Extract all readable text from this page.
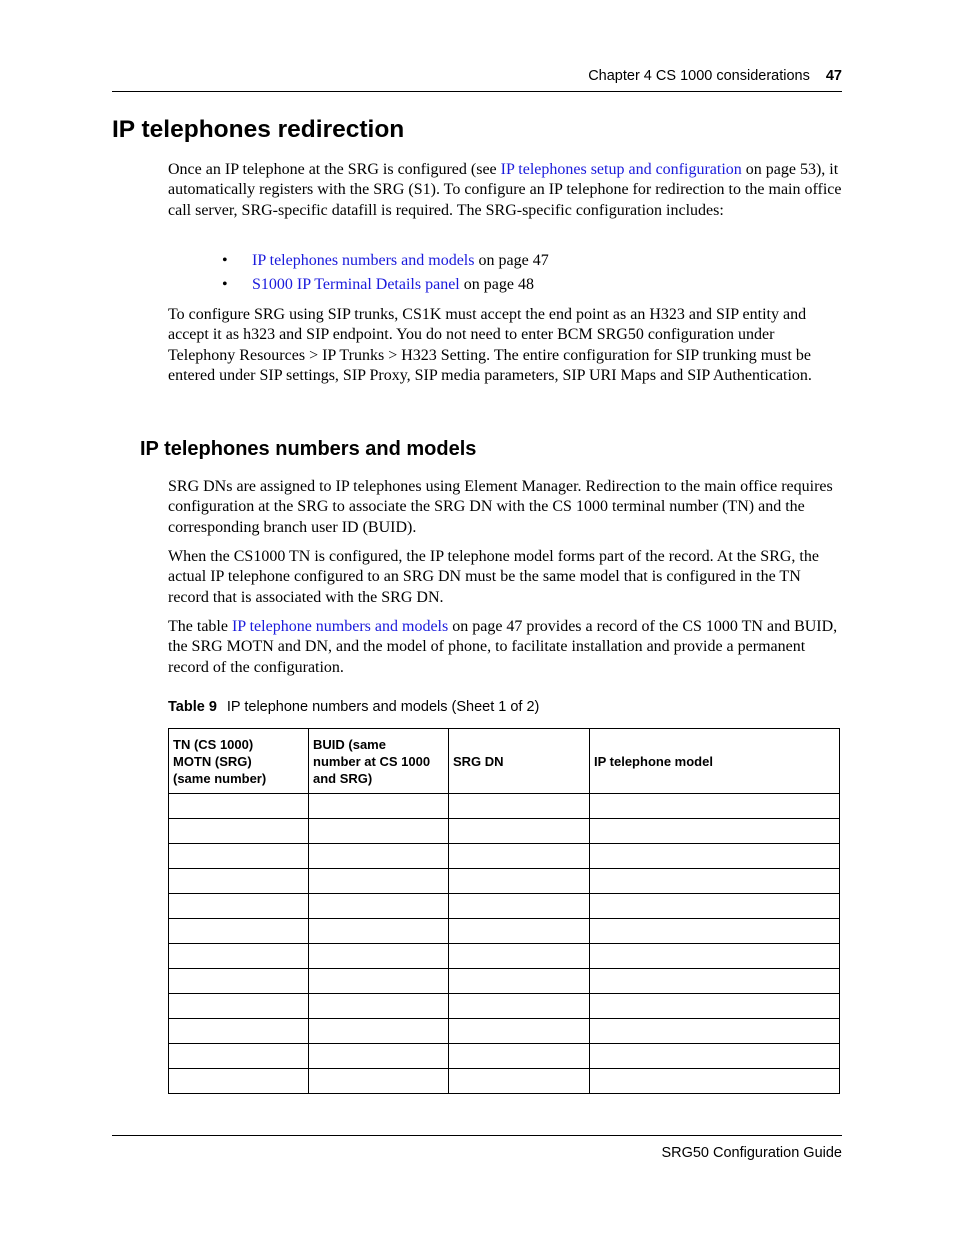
Chapter 4 CS 1000 considerations 47
IP telephones redirection

Once an IP telephone at the SRG is configured (see IP telephones setup and configuration on page 53), it automatically registers with the SRG (S1). To configure an IP telephone for redirection to the main office call server, SRG-specific datafill is required. The SRG-specific configuration includes:

• IP telephones numbers and models on page 47
• S1000 IP Terminal Details panel on page 48

To configure SRG using SIP trunks, CS1K must accept the end point as an H323 and SIP entity and accept it as h323 and SIP endpoint. You do not need to enter BCM SRG50 configuration under Telephony Resources > IP Trunks > H323 Setting. The entire configuration for SIP trunking must be entered under SIP settings, SIP Proxy, SIP media parameters, SIP URI Maps and SIP Authentication.

IP telephones numbers and models

SRG DNs are assigned to IP telephones using Element Manager. Redirection to the main office requires configuration at the SRG to associate the SRG DN with the CS 1000 terminal number (TN) and the corresponding branch user ID (BUID).

When the CS1000 TN is configured, the IP telephone model forms part of the record. At the SRG, the actual IP telephone configured to an SRG DN must be the same model that is configured in the TN record that is associated with the SRG DN.

The table IP telephone numbers and models on page 47 provides a record of the CS 1000 TN and BUID, the SRG MOTN and DN, and the model of phone, to facilitate installation and provide a permanent record of the configuration.

Table 9 IP telephone numbers and models (Sheet 1 of 2)
TN (CS 1000)
MOTN (SRG)
(same number)	BUID (same
number at CS 1000
and SRG)	SRG DN	IP telephone model

SRG50 Configuration Guide
